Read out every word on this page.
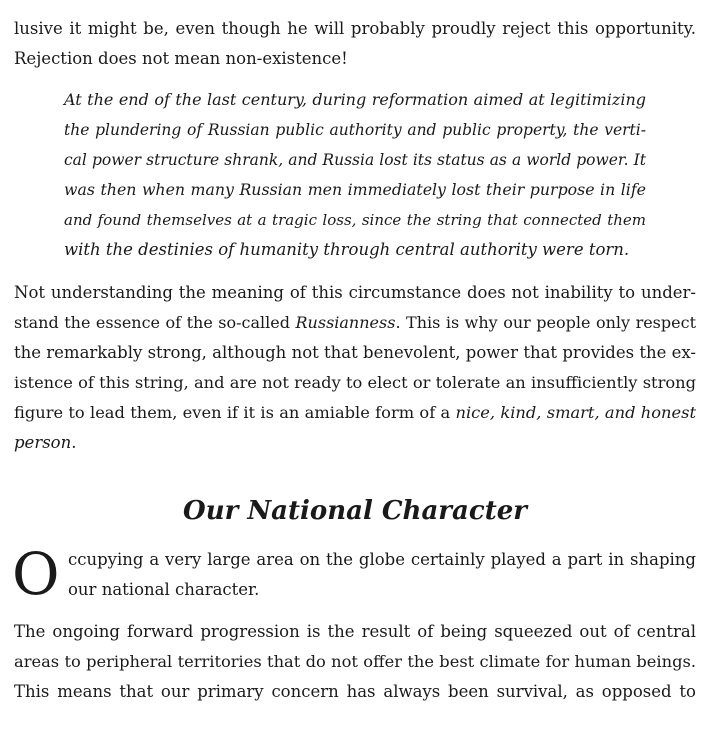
lusive it might be, even though he will probably proudly reject this opportunity.
Rejection does not mean non-existence!

At the end of the last century, during reformation aimed at legitimizing
the plundering of Russian public authority and public property, the verti-
cal power structure shrank, and Russia lost its status as a world power. It
was then when many Russian men immediately lost their purpose in life
and found themselves at a tragic loss, since the string that connected them
with the destinies of humanity through central authority were torn.

Not understanding the meaning of this circumstance does not inability to under-
stand the essence of the so-called Russianness. This is why our people only respect
the remarkably strong, although not that benevolent, power that provides the ex-
istence of this string, and are not ready to elect or tolerate an insufficiently strong
figure to lead them, even if it is an amiable form of a nice, kind, smart, and honest
person.

Our National Character
O ccupying a very large area on the globe certainly played a part in shaping
our national character.

The ongoing forward progression is the result of being squeezed out of central
areas to peripheral territories that do not offer the best climate for human beings.
This means that our primary concern has always been survival, as opposed to
